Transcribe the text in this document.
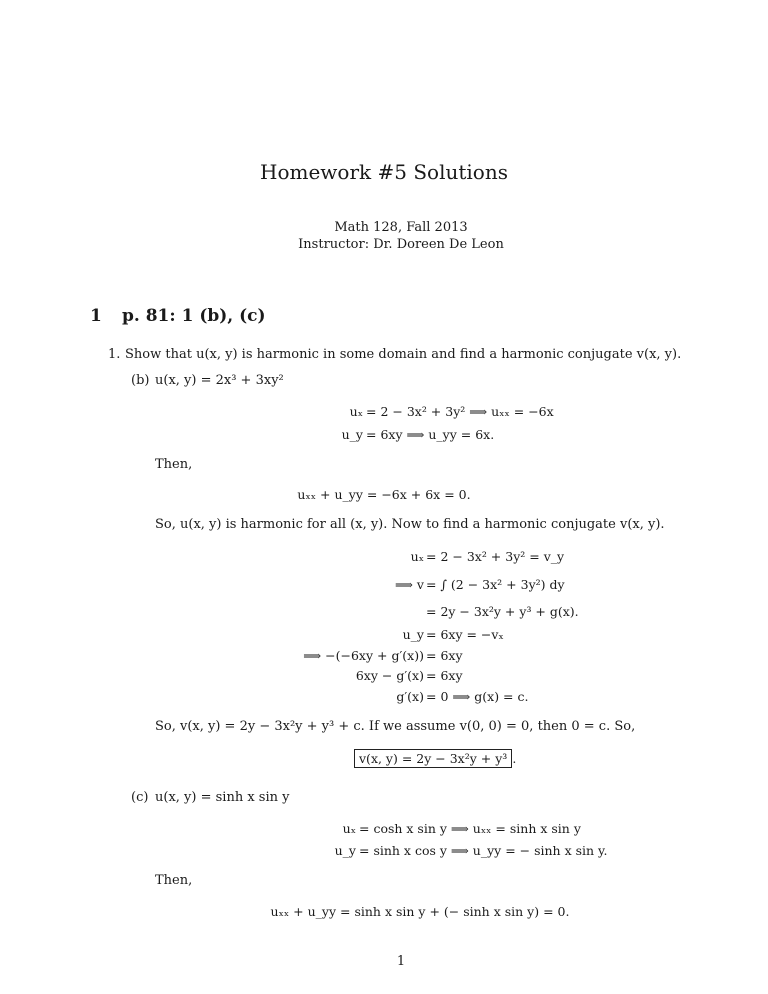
Homework #5 Solutions
Math 128, Fall 2013
Instructor: Dr. Doreen De Leon
1 p. 81: 1 (b), (c)
1. Show that u(x, y) is harmonic in some domain and find a harmonic conjugate v(x, y).
(b) u(x, y) = 2x³ + 3xy²
uₓ = 2 − 3x² + 3y² ⟹ uₓₓ = −6x
u_y = 6xy ⟹ u_yy = 6x.
Then,
uₓₓ + u_yy = −6x + 6x = 0.
So, u(x, y) is harmonic for all (x, y). Now to find a harmonic conjugate v(x, y).
uₓ = 2 − 3x² + 3y² = v_y
⟹ v = ∫ (2 − 3x² + 3y²) dy
= 2y − 3x²y + y³ + g(x).
u_y = 6xy = −vₓ
⟹ −(−6xy + g′(x)) = 6xy
6xy − g′(x) = 6xy
g′(x) = 0 ⟹ g(x) = c.
So, v(x, y) = 2y − 3x²y + y³ + c. If we assume v(0, 0) = 0, then 0 = c. So,
v(x, y) = 2y − 3x²y + y³ .
(c) u(x, y) = sinh x sin y
uₓ = cosh x sin y ⟹ uₓₓ = sinh x sin y
u_y = sinh x cos y ⟹ u_yy = − sinh x sin y.
Then,
uₓₓ + u_yy = sinh x sin y + (− sinh x sin y) = 0.
1
